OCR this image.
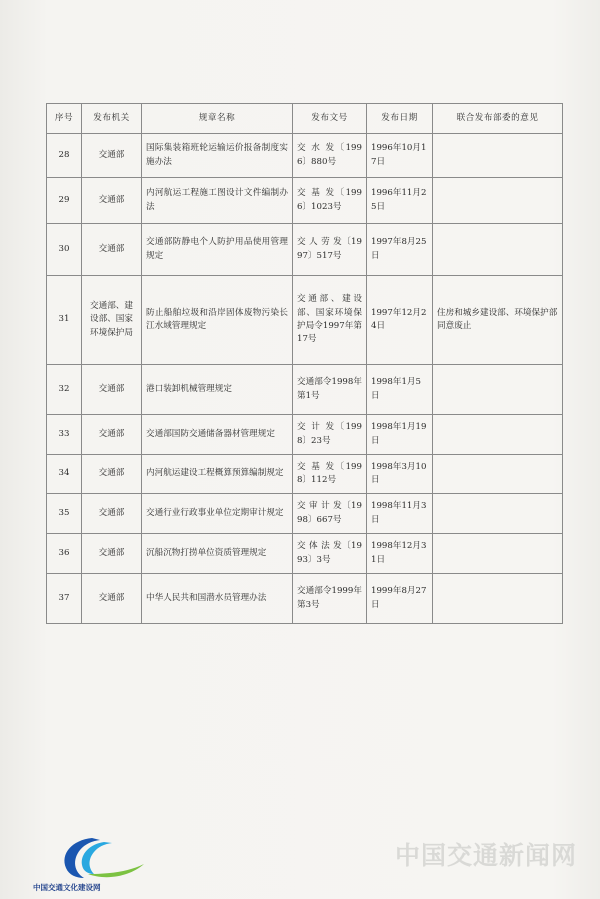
序号	发布机关	规章名称	发布文号	发布日期	联合发布部委的意见
28	交通部	国际集装箱班轮运输运价报备制度实施办法	交 水 发〔1996〕880号	1996年10月17日	
29	交通部	内河航运工程施工图设计文件编制办法	交 基 发〔1996〕1023号	1996年11月25日	
30	交通部	交通部防静电个人防护用品使用管理规定	交 人 劳 发〔1997〕517号	1997年8月25日	
31	交通部、建设部、国家环境保护局	防止船舶垃圾和沿岸固体废物污染长江水域管理规定	交通部、建设部、国家环境保护局令1997年第17号	1997年12月24日	住房和城乡建设部、环境保护部同意废止
32	交通部	港口装卸机械管理规定	交通部令1998年第1号	1998年1月5日	
33	交通部	交通部国防交通储备器材管理规定	交 计 发〔1998〕23号	1998年1月19日	
34	交通部	内河航运建设工程概算预算编制规定	交 基 发〔1998〕112号	1998年3月10日	
35	交通部	交通行业行政事业单位定期审计规定	交 审 计 发〔1998〕667号	1998年11月3日	
36	交通部	沉船沉物打捞单位资质管理规定	交 体 法 发〔1993〕3号	1998年12月31日	
37	交通部	中华人民共和国潜水员管理办法	交通部令1999年第3号	1999年8月27日	
中国交通新闻网
中国交通文化建设网
